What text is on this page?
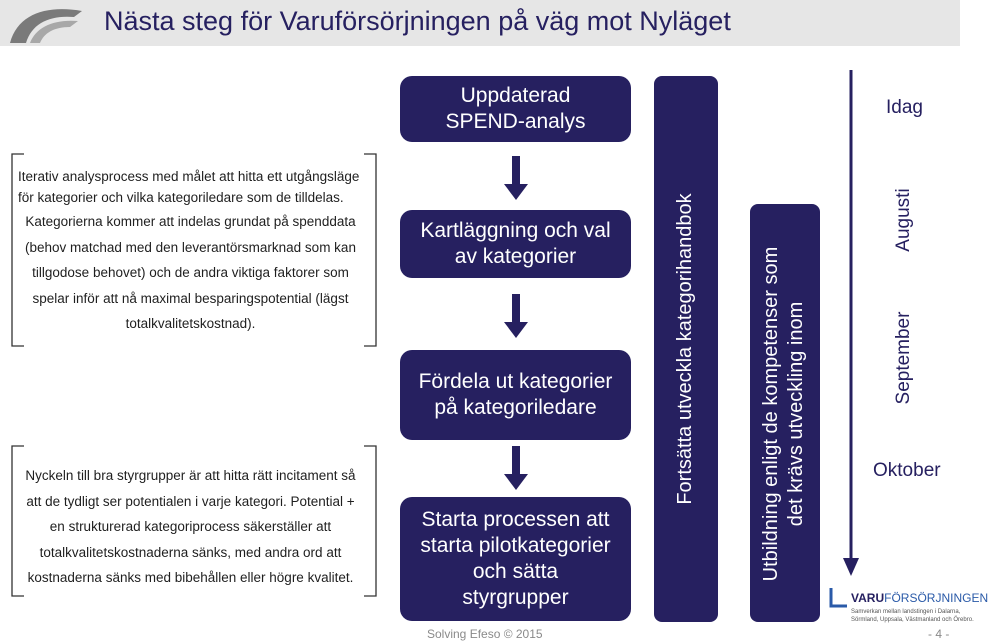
Nästa steg för Varuförsörjningen på väg mot Nyläget

Iterativ analysprocess med målet att hitta ett utgångsläge

för kategorier och vilka kategoriledare som de tilldelas.

Kategorierna kommer att indelas grundat på spenddata

(behov matchad med den leverantörsmarknad som kan

tillgodose behovet) och de andra viktiga faktorer som

spelar inför att nå maximal besparingspotential (lägst

totalkvalitetskostnad).

Nyckeln till bra styrgrupper är att hitta rätt incitament så

att de tydligt ser potentialen i varje kategori. Potential +

en strukturerad kategoriprocess säkerställer att

totalkvalitetskostnaderna sänks, med andra ord att

kostnaderna sänks med bibehållen eller högre kvalitet.

Uppdaterad
SPEND-analys
Kartläggning och val
av kategorier
Fördela ut kategorier
på kategoriledare
Starta processen att
starta pilotkategorier
och sätta
styrgrupper
Fortsätta utveckla kategorihandbok	Utbildning enligt de kompetenser som det krävs utveckling inom
Idag
Augusti
September
Oktober
VARUFÖRSÖRJNINGEN
Samverkan mellan landstingen i Dalarna,
Sörmland, Uppsala, Västmanland och Örebro.
Solving Efeso © 2015	- 4 -
